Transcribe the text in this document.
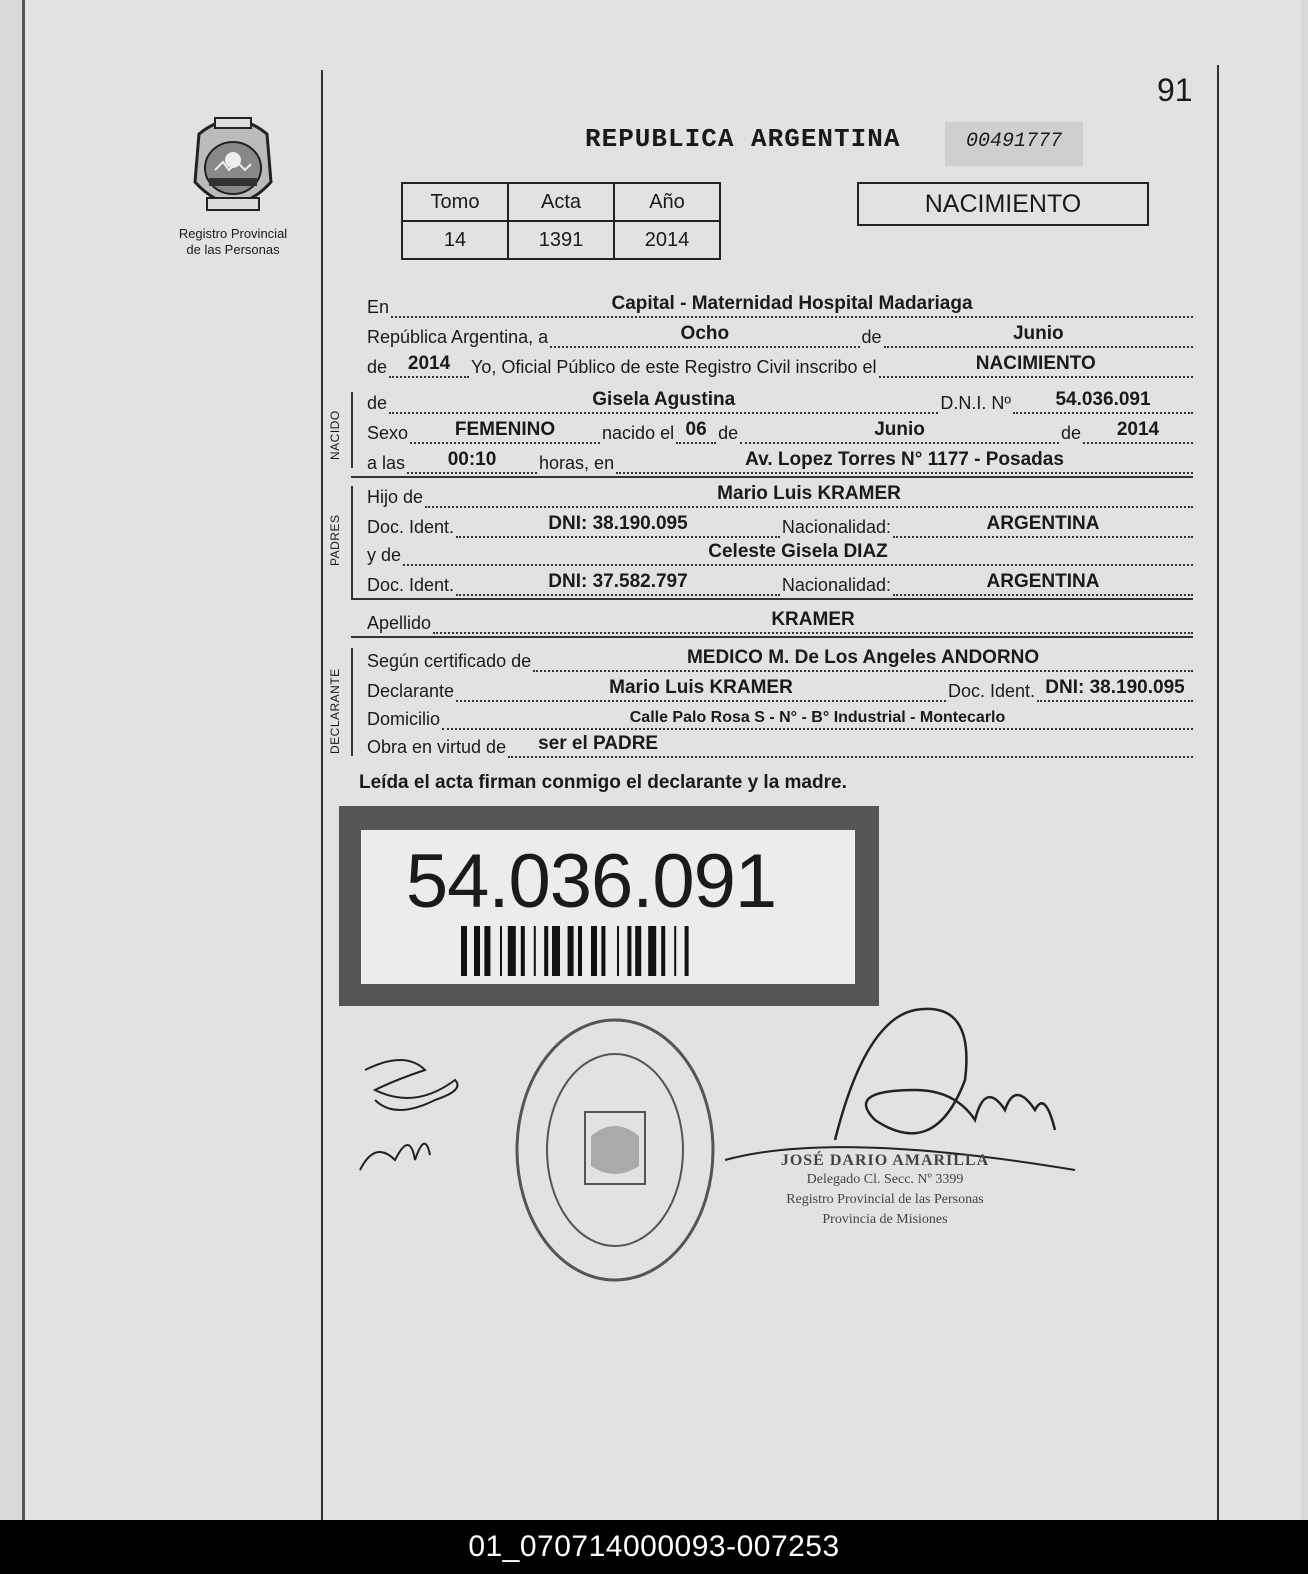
91
Registro Provincial
de las Personas
REPUBLICA ARGENTINA	00491777
Tomo	Acta	Año
14	1391	2014
NACIMIENTO
En	Capital - Maternidad Hospital Madariaga
República Argentina, a	Ocho	de	Junio
de	2014	Yo, Oficial Público de este Registro Civil inscribo el	NACIMIENTO
NACIDO
de	Gisela Agustina	D.N.I. Nº	54.036.091
Sexo	FEMENINO	nacido el 06 de	Junio	de	2014
a las	00:10	horas, en	Av. Lopez Torres N° 1177 - Posadas
PADRES
Hijo de	Mario Luis KRAMER
Doc. Ident.	DNI: 38.190.095	Nacionalidad:	ARGENTINA
y de	Celeste Gisela DIAZ
Doc. Ident.	DNI: 37.582.797	Nacionalidad:	ARGENTINA
Apellido	KRAMER
DECLARANTE
Según certificado de	MEDICO M. De Los Angeles ANDORNO
Declarante	Mario Luis KRAMER	Doc. Ident. DNI: 38.190.095
Domicilio	Calle Palo Rosa S - N° - B° Industrial - Montecarlo
Obra en virtud de	ser el PADRE
Leída el acta firman conmigo el declarante y la madre.
54.036.091
JOSÉ DARIO AMARILLA
Delegado Cl. Secc. Nº 3399
Registro Provincial de las Personas
Provincia de Misiones
01_070714000093-007253
